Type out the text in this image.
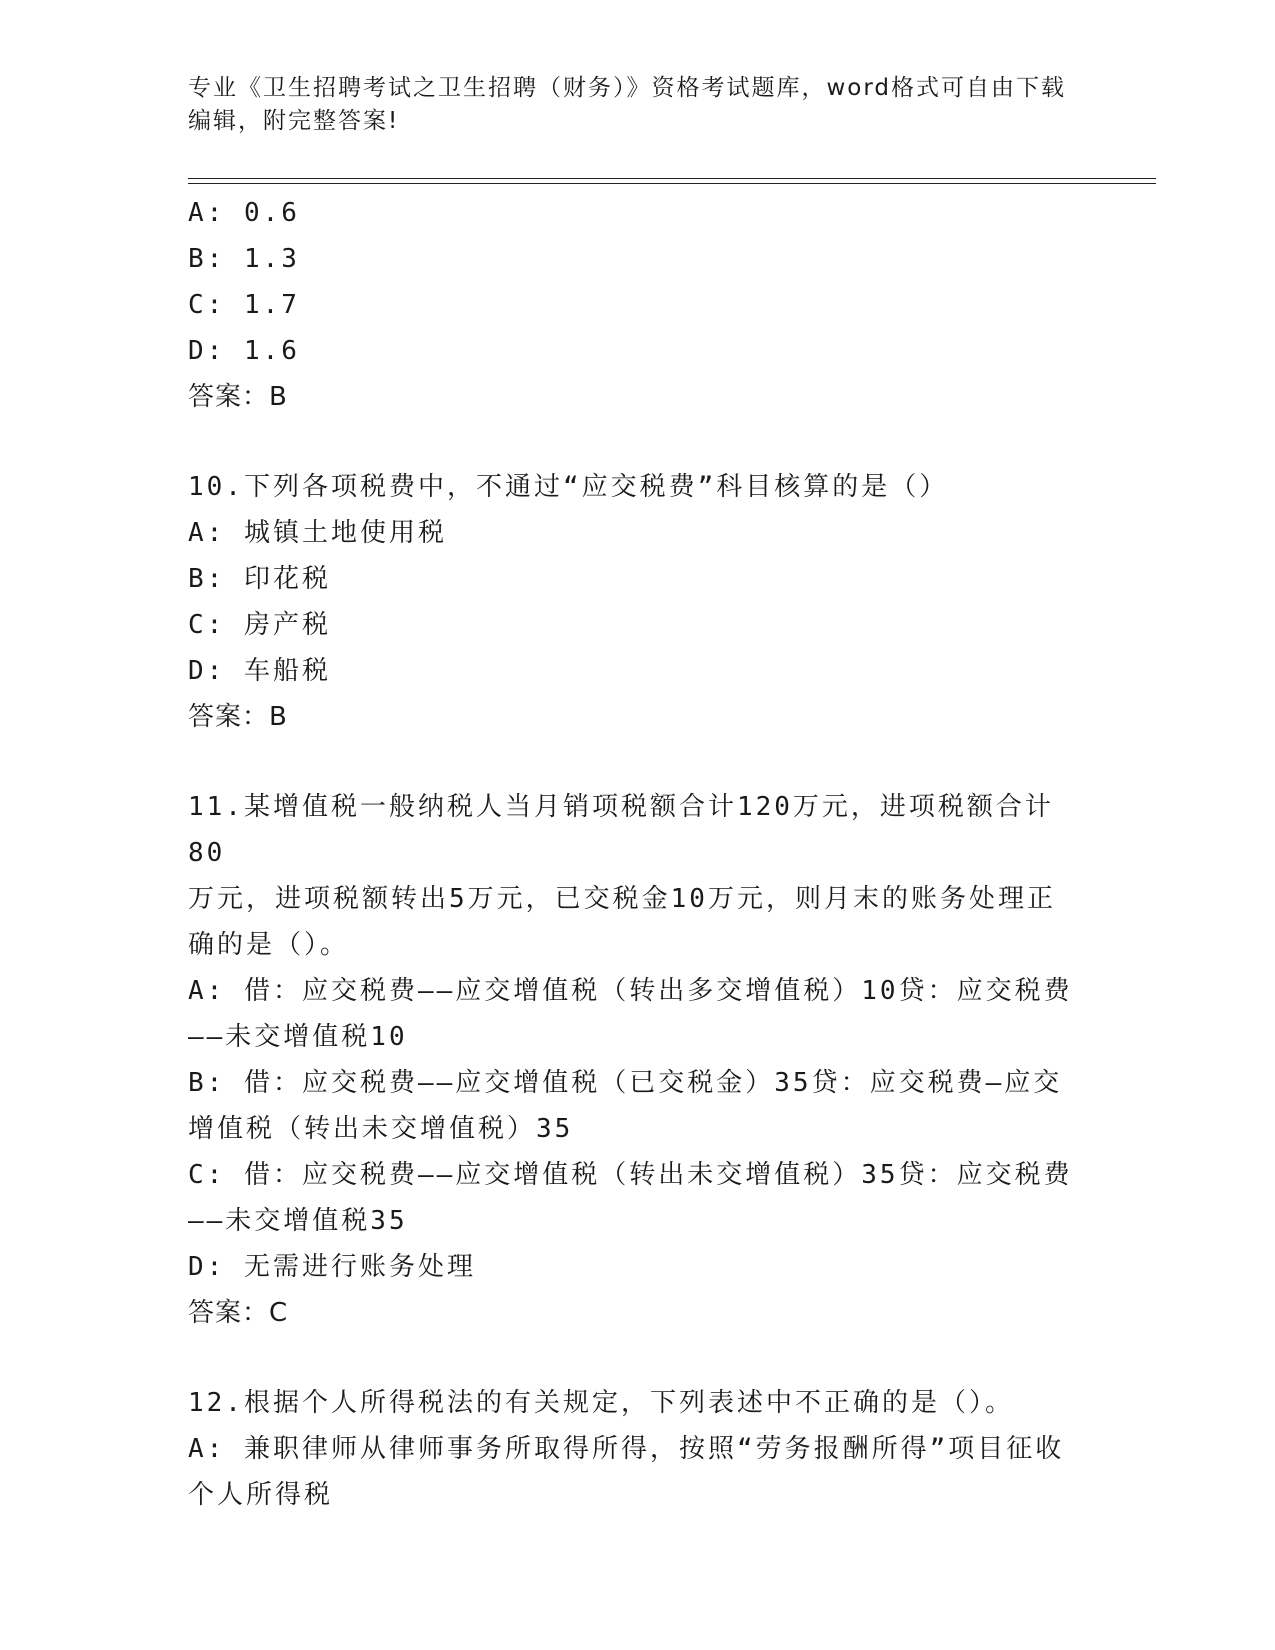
专业《卫生招聘考试之卫生招聘（财务）》资格考试题库，word格式可自由下载
编辑，附完整答案!
A: 0.6
B: 1.3
C: 1.7
D: 1.6
答案：B
10.下列各项税费中，不通过“应交税费”科目核算的是（）
A: 城镇土地使用税
B: 印花税
C: 房产税
D: 车船税
答案：B
11.某增值税一般纳税人当月销项税额合计120万元，进项税额合计80
万元，进项税额转出5万元，已交税金10万元，则月末的账务处理正
确的是（）。
A: 借：应交税费——应交增值税（转出多交增值税）10贷：应交税费
——未交增值税10
B: 借：应交税费——应交增值税（已交税金）35贷：应交税费—应交
增值税（转出未交增值税）35
C: 借：应交税费——应交增值税（转出未交增值税）35贷：应交税费
——未交增值税35
D: 无需进行账务处理
答案：C
12.根据个人所得税法的有关规定，下列表述中不正确的是（）。
A: 兼职律师从律师事务所取得所得，按照“劳务报酬所得”项目征收
个人所得税
